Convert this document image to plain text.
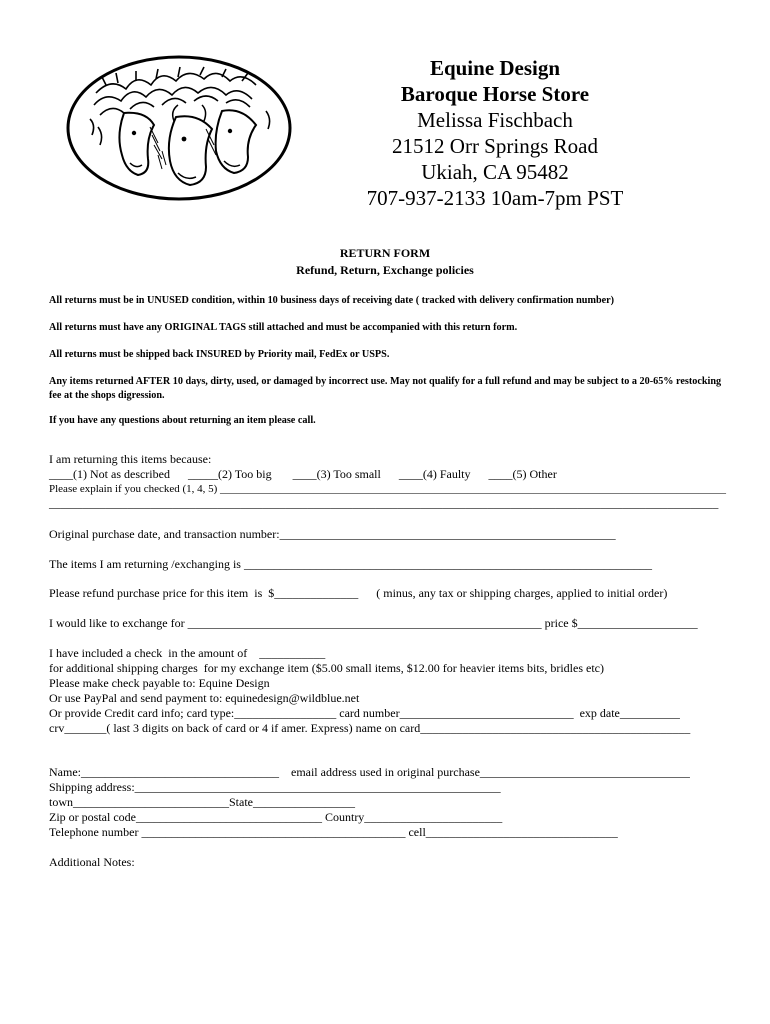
Equine Design
Baroque Horse Store
Melissa Fischbach
21512 Orr Springs Road
Ukiah, CA 95482
707-937-2133 10am-7pm PST
RETURN FORM
Refund, Return, Exchange policies
All returns must be in UNUSED condition, within 10 business days of receiving date ( tracked with delivery confirmation number)
All returns must have any ORIGINAL TAGS still attached and must be accompanied with this return form.
All returns must be shipped back INSURED by Priority mail, FedEx or USPS.
Any items returned AFTER 10 days, dirty, used, or damaged by incorrect use. May not qualify for a full refund and may be subject to a 20-65% restocking fee at the shops digression.
If you have any questions about returning an item please call.
I am returning this items because:
____(1) Not as described      _____(2) Too big       ____(3) Too small      ____(4) Faulty      ____(5) Other
Please explain if you checked (1, 4, 5) ____________________________________________________________________________________________
_______________________________________________________________________________________________________________________
Original purchase date, and transaction number:________________________________________________________
The items I am returning /exchanging is ____________________________________________________________________
Please refund purchase price for this item  is  $______________      ( minus, any tax or shipping charges, applied to initial order)
I would like to exchange for ___________________________________________________________ price $____________________
I have included a check  in the amount of    ___________
for additional shipping charges  for my exchange item ($5.00 small items, $12.00 for heavier items bits, bridles etc)
Please make check payable to: Equine Design
Or use PayPal and send payment to: equinedesign@wildblue.net
Or provide Credit card info; card type:_________________ card number_____________________________  exp date__________
crv_______( last 3 digits on back of card or 4 if amer. Express) name on card_____________________________________________
Name:_________________________________    email address used in original purchase___________________________________
Shipping address:_____________________________________________________________
town__________________________State_________________
Zip or postal code_______________________________ Country_______________________
Telephone number ____________________________________________ cell________________________________
Additional Notes:
